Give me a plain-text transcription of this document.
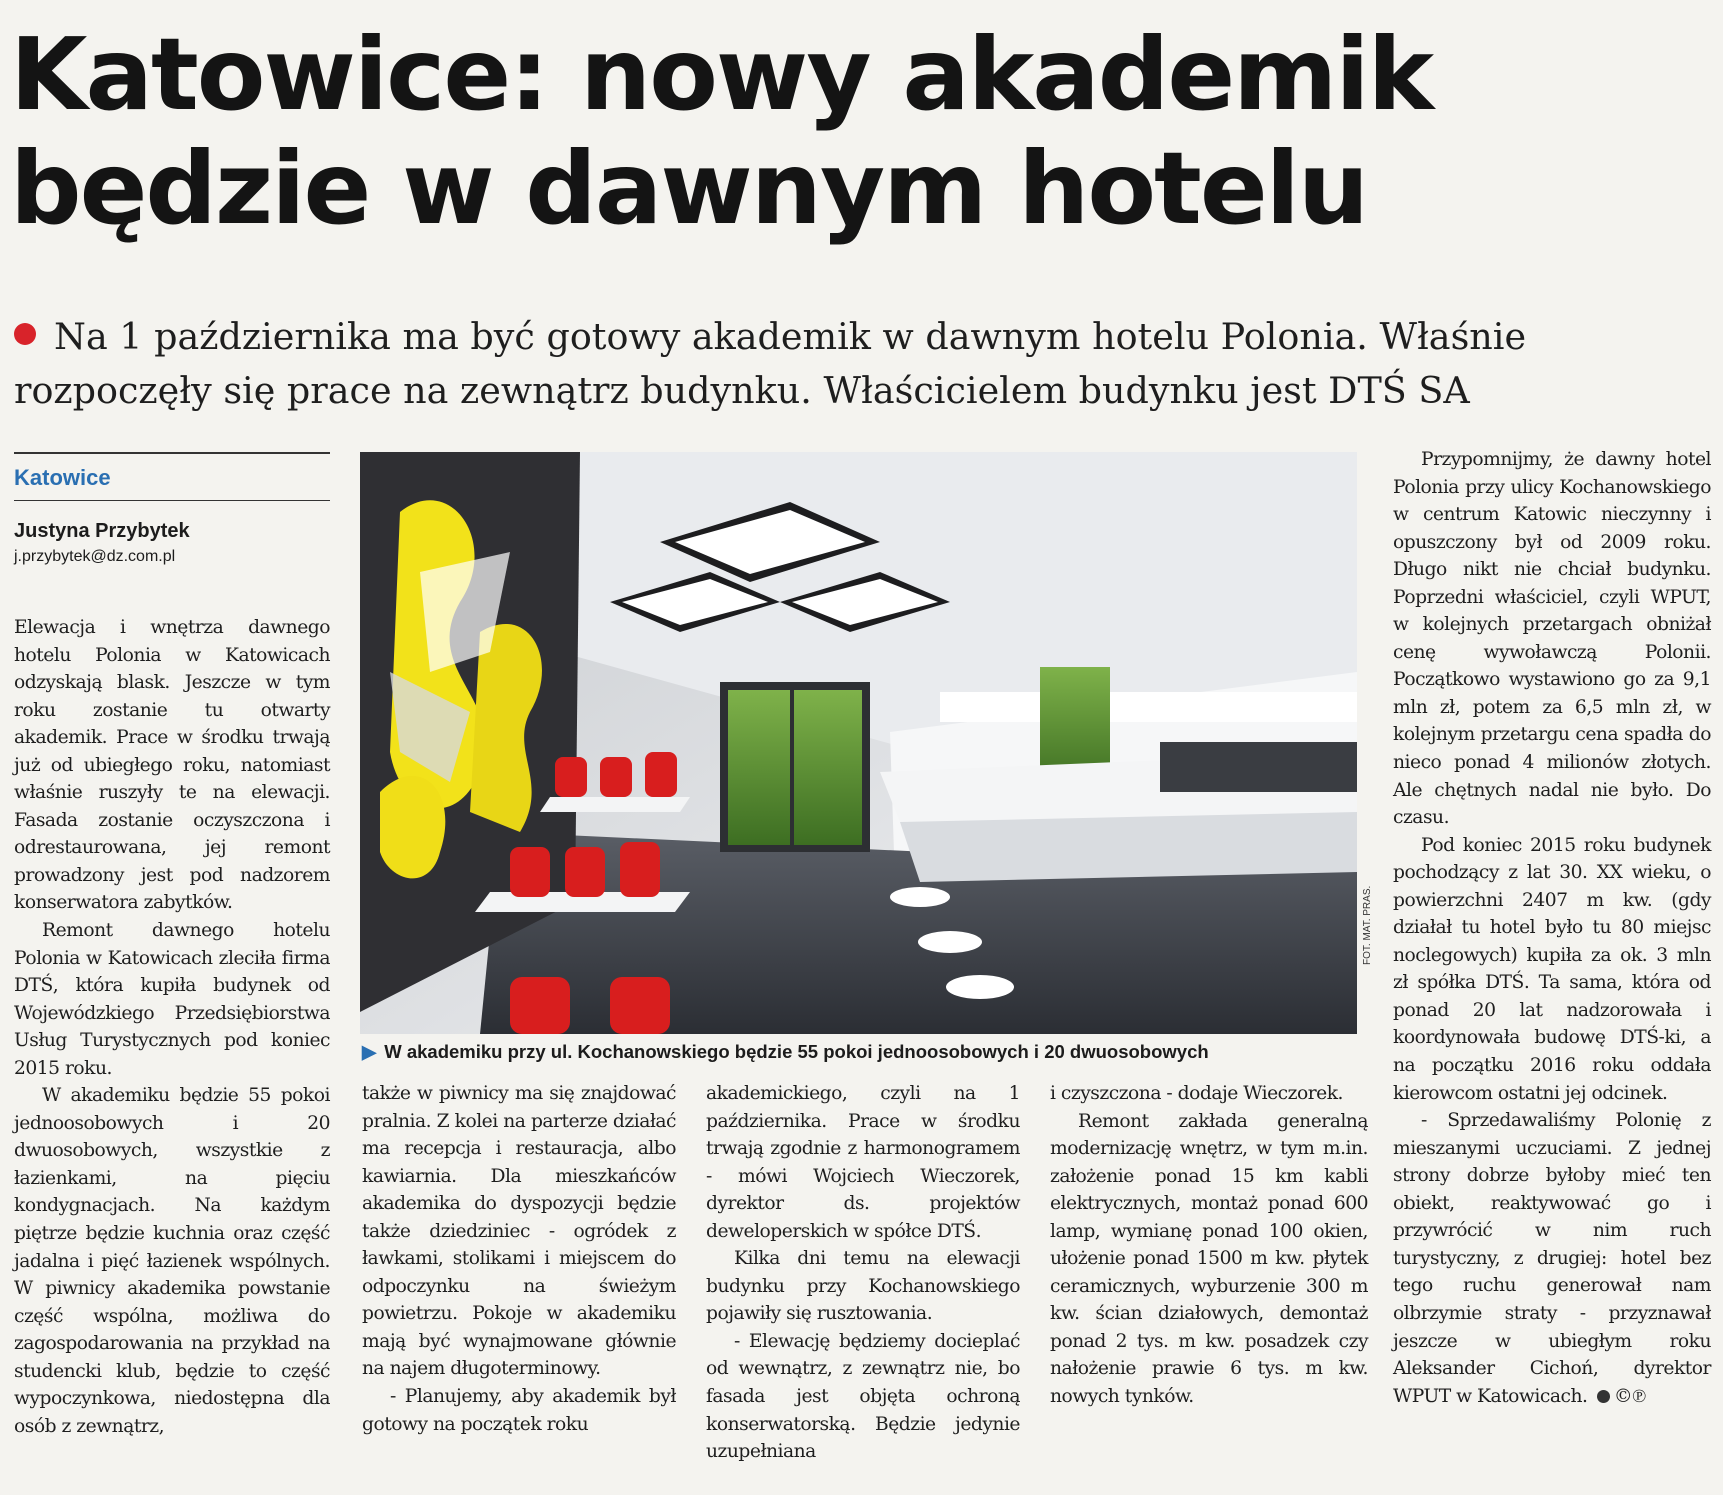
Katowice: nowy akademik
będzie w dawnym hotelu
Na 1 października ma być gotowy akademik w dawnym hotelu Polonia. Właśnie
rozpoczęły się prace na zewnątrz budynku. Właścicielem budynku jest DTŚ SA
Katowice
Justyna Przybytek
j.przybytek@dz.com.pl

Elewacja i wnętrza dawnego hotelu Polonia w Katowicach odzyskają blask. Jeszcze w tym roku zostanie tu otwarty akademik. Prace w środku trwają już od ubiegłego roku, natomiast właśnie ruszyły te na elewacji. Fasada zostanie oczyszczona i odrestaurowana, jej remont prowadzony jest pod nadzorem konserwatora zabytków.

Remont dawnego hotelu Polonia w Katowicach zleciła firma DTŚ, która kupiła budynek od Wojewódzkiego Przedsiębiorstwa Usług Turystycznych pod koniec 2015 roku.

W akademiku będzie 55 pokoi jednoosobowych i 20 dwuosobowych, wszystkie z łazienkami, na pięciu kondygnacjach. Na każdym piętrze będzie kuchnia oraz część jadalna i pięć łazienek wspólnych. W piwnicy akademika powstanie część wspólna, możliwa do zagospodarowania na przykład na studencki klub, będzie to część wypoczynkowa, niedostępna dla osób z zewnątrz,

FOT. MAT. PRAS.
▶ W akademiku przy ul. Kochanowskiego będzie 55 pokoi jednoosobowych i 20 dwuosobowych

także w piwnicy ma się znajdować pralnia. Z kolei na parterze działać ma recepcja i restauracja, albo kawiarnia. Dla mieszkańców akademika do dyspozycji będzie także dziedziniec - ogródek z ławkami, stolikami i miejscem do odpoczynku na świeżym powietrzu. Pokoje w akademiku mają być wynajmowane głównie na najem długoterminowy.

- Planujemy, aby akademik był gotowy na początek roku

akademickiego, czyli na 1 października. Prace w środku trwają zgodnie z harmonogramem - mówi Wojciech Wieczorek, dyrektor ds. projektów deweloperskich w spółce DTŚ.

Kilka dni temu na elewacji budynku przy Kochanowskiego pojawiły się rusztowania.

- Elewację będziemy docieplać od wewnątrz, z zewnątrz nie, bo fasada jest objęta ochroną konserwatorską. Będzie jedynie uzupełniana

i czyszczona - dodaje Wieczorek.

Remont zakłada generalną modernizację wnętrz, w tym m.in. założenie ponad 15 km kabli elektrycznych, montaż ponad 600 lamp, wymianę ponad 100 okien, ułożenie ponad 1500 m kw. płytek ceramicznych, wyburzenie 300 m kw. ścian działowych, demontaż ponad 2 tys. m kw. posadzek czy nałożenie prawie 6 tys. m kw. nowych tynków.

Przypomnijmy, że dawny hotel Polonia przy ulicy Kochanowskiego w centrum Katowic nieczynny i opuszczony był od 2009 roku. Długo nikt nie chciał budynku. Poprzedni właściciel, czyli WPUT, w kolejnych przetargach obniżał cenę wywoławczą Polonii. Początkowo wystawiono go za 9,1 mln zł, potem za 6,5 mln zł, w kolejnym przetargu cena spadła do nieco ponad 4 milionów złotych. Ale chętnych nadal nie było. Do czasu.

Pod koniec 2015 roku budynek pochodzący z lat 30. XX wieku, o powierzchni 2407 m kw. (gdy działał tu hotel było tu 80 miejsc noclegowych) kupiła za ok. 3 mln zł spółka DTŚ. Ta sama, która od ponad 20 lat nadzorowała i koordynowała budowę DTŚ-ki, a na początku 2016 roku oddała kierowcom ostatni jej odcinek.

- Sprzedawaliśmy Polonię z mieszanymi uczuciami. Z jednej strony dobrze byłoby mieć ten obiekt, reaktywować go i przywrócić w nim ruch turystyczny, z drugiej: hotel bez tego ruchu generował nam olbrzymie straty - przyznawał jeszcze w ubiegłym roku Aleksander Cichoń, dyrektor WPUT w Katowicach. ©℗
